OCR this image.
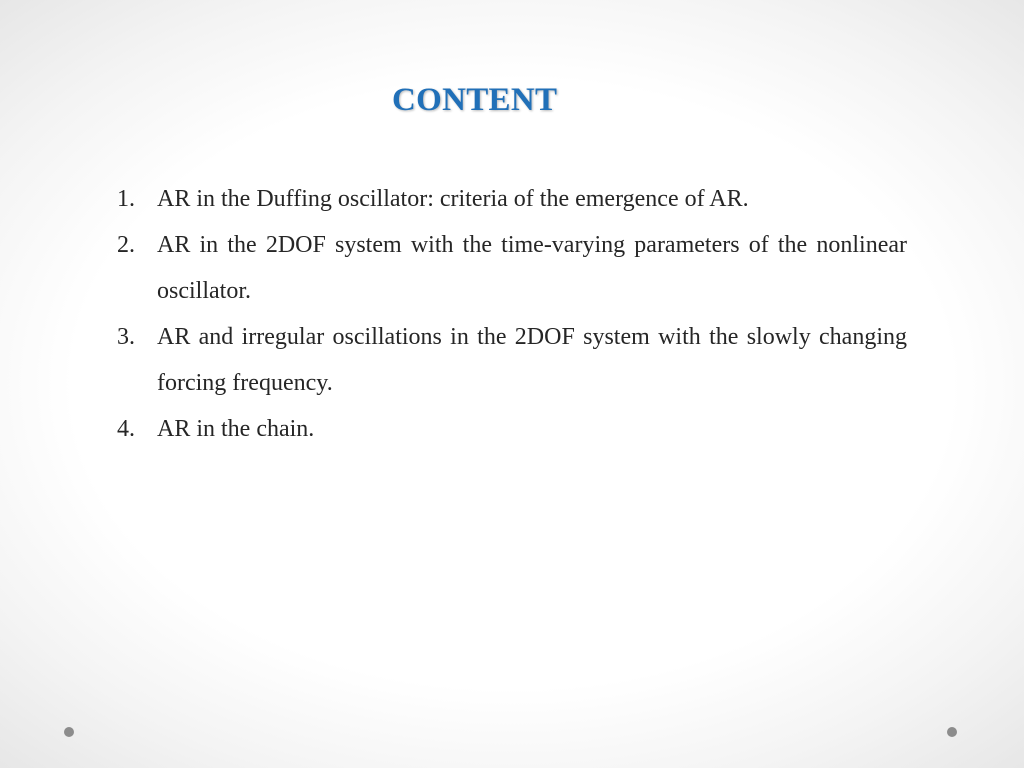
CONTENT
1. AR in the Duffing oscillator: criteria of the emergence of AR.
2. AR in the 2DOF system with the time-varying parameters of the nonlinear oscillator.
3. AR and irregular oscillations in the 2DOF system with the slowly changing forcing frequency.
4. AR in the chain.
